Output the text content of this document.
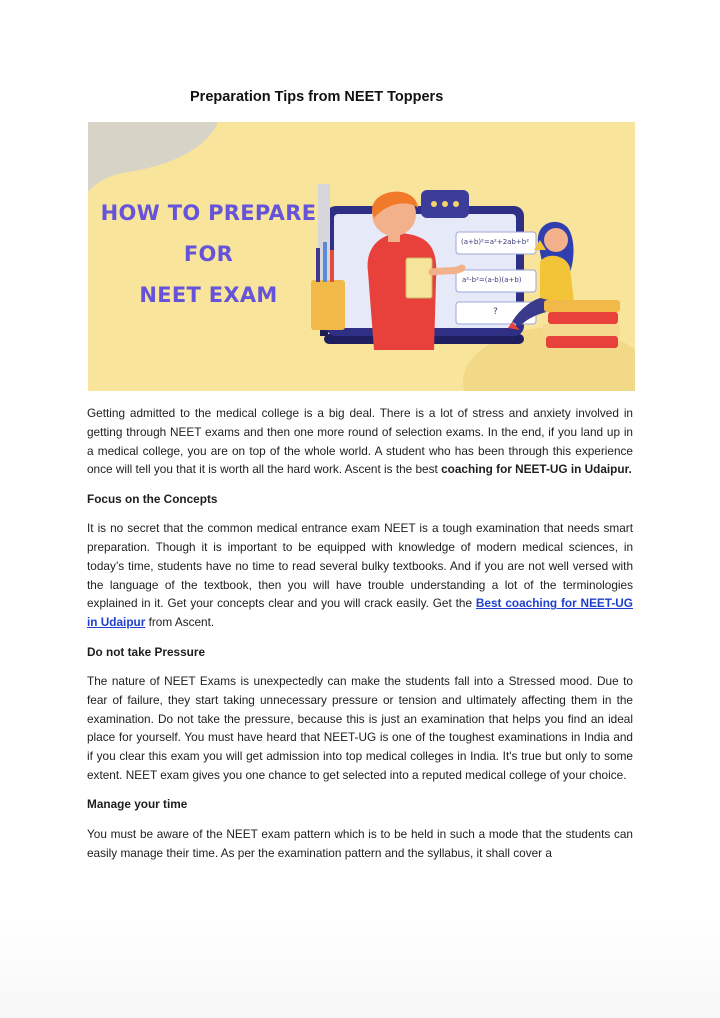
Preparation Tips from NEET Toppers
HOW TO PREPARE
FOR
NEET EXAM
(a+b)²=a²+2ab+b²
a²-b²=(a-b)(a+b)
?

Getting admitted to the medical college is a big deal. There is a lot of stress and anxiety involved in getting through NEET exams and then one more round of selection exams. In the end, if you land up in a medical college, you are on top of the whole world. A student who has been through this experience once will tell you that it is worth all the hard work. Ascent is the best coaching for NEET-UG in Udaipur.

Focus on the Concepts

It is no secret that the common medical entrance exam NEET is a tough examination that needs smart preparation. Though it is important to be equipped with knowledge of modern medical sciences, in today’s time, students have no time to read several bulky textbooks. And if you are not well versed with the language of the textbook, then you will have trouble understanding a lot of the terminologies explained in it. Get your concepts clear and you will crack easily. Get the Best coaching for NEET-UG in Udaipur from Ascent.

Do not take Pressure

The nature of NEET Exams is unexpectedly can make the students fall into a Stressed mood. Due to fear of failure, they start taking unnecessary pressure or tension and ultimately affecting them in the examination. Do not take the pressure, because this is just an examination that helps you find an ideal place for yourself. You must have heard that NEET-UG is one of the toughest examinations in India and if you clear this exam you will get admission into top medical colleges in India. It's true but only to some extent. NEET exam gives you one chance to get selected into a reputed medical college of your choice.

Manage your time

You must be aware of the NEET exam pattern which is to be held in such a mode that the students can easily manage their time. As per the examination pattern and the syllabus, it shall cover a
